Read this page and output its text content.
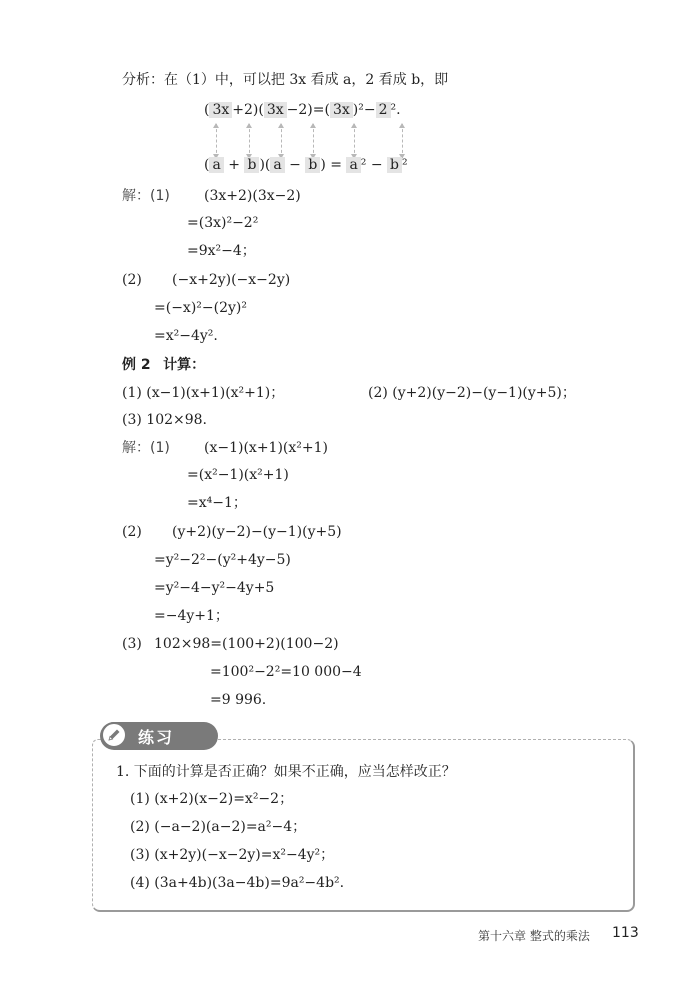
分析：在（1）中，可以把 3x 看成 a，2 看成 b，即
( 3x +2)( 3x −2)=( 3x )²− 2 ².
( a + b )( a − b ) = a ² − b ²
解：(1) (3x+2)(3x−2)
=(3x)²−2²
=9x²−4；
(2) (−x+2y)(−x−2y)
=(−x)²−(2y)²
=x²−4y².
例 2 计算：
(1) (x−1)(x+1)(x²+1)；	(2) (y+2)(y−2)−(y−1)(y+5)；
(3) 102×98.
解：(1) (x−1)(x+1)(x²+1)
=(x²−1)(x²+1)
=x⁴−1；
(2) (y+2)(y−2)−(y−1)(y+5)
=y²−2²−(y²+4y−5)
=y²−4−y²−4y+5
=−4y+1；
(3) 102×98=(100+2)(100−2)
=100²−2²=10 000−4
=9 996.
练习
1. 下面的计算是否正确？如果不正确，应当怎样改正？
(1) (x+2)(x−2)=x²−2；
(2) (−a−2)(a−2)=a²−4；
(3) (x+2y)(−x−2y)=x²−4y²；
(4) (3a+4b)(3a−4b)=9a²−4b².
第十六章 整式的乘法 113
